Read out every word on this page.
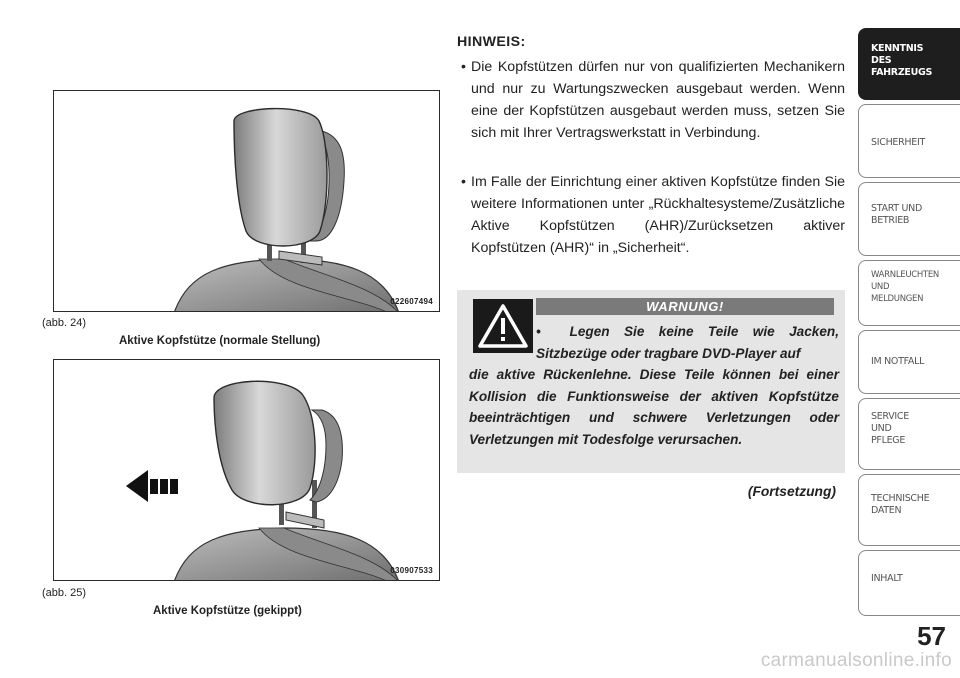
022607494
(abb. 24)
Aktive Kopfstütze (normale Stellung)
030907533
(abb. 25)
Aktive Kopfstütze (gekippt)
HINWEIS:
• Die Kopfstützen dürfen nur von qualifizierten Mechanikern und nur zu Wartungszwecken ausgebaut werden. Wenn eine der Kopfstützen ausgebaut werden muss, setzen Sie sich mit Ihrer Vertragswerkstatt in Verbindung.
• Im Falle der Einrichtung einer aktiven Kopfstütze finden Sie weitere Informationen unter „Rückhaltesysteme/Zusätzliche Aktive Kopfstützen (AHR)/Zurücksetzen aktiver Kopfstützen (AHR)“ in „Sicherheit“.
WARNUNG!
•  Legen Sie keine Teile wie Jacken, Sitzbezüge oder tragbare DVD-Player auf
die aktive Rückenlehne. Diese Teile können bei einer Kollision die Funktionsweise der aktiven Kopfstütze beeinträchtigen und schwere Verletzungen oder Verletzungen mit Todesfolge verursachen.
(Fortsetzung)
KENNTNIS
DES
FAHRZEUGS
SICHERHEIT
START UND
BETRIEB
WARNLEUCHTEN
UND
MELDUNGEN
IM NOTFALL
SERVICE
UND
PFLEGE
TECHNISCHE
DATEN
INHALT
57
carmanualsonline.info
